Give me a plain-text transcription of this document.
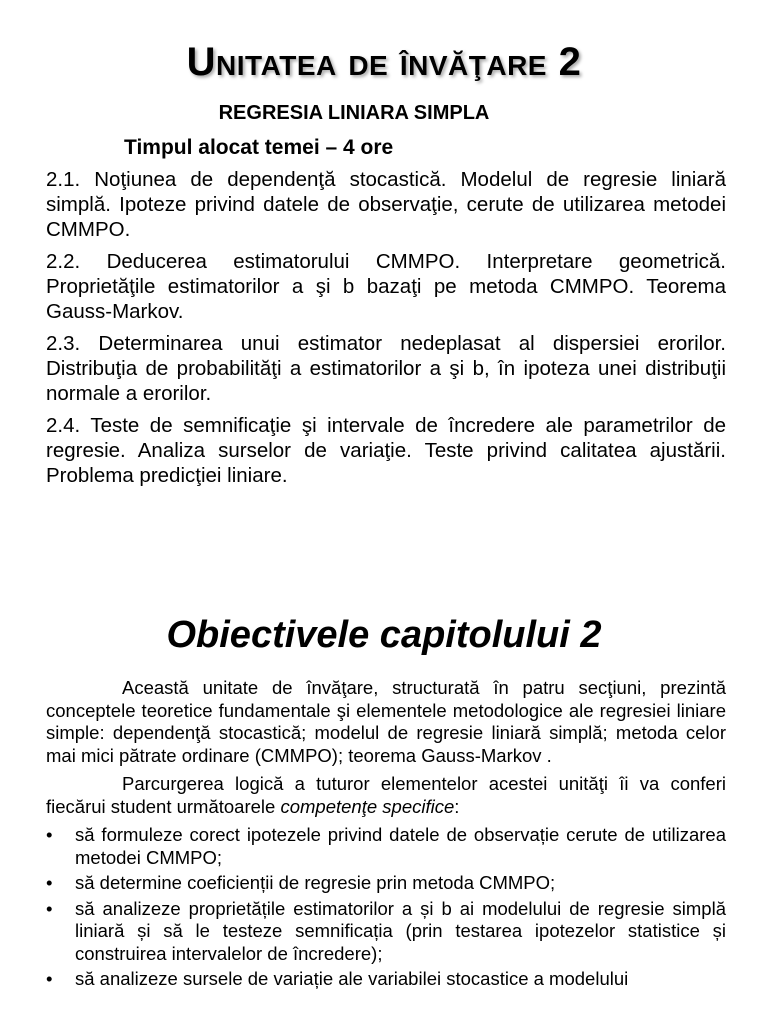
Unitatea de învăţare 2
REGRESIA LINIARA SIMPLA
Timpul alocat temei – 4 ore

2.1. Noţiunea de dependenţă stocastică. Modelul de regresie liniară simplă. Ipoteze privind datele de observaţie, cerute de utilizarea metodei CMMPO.

2.2. Deducerea estimatorului CMMPO. Interpretare geometrică. Proprietăţile estimatorilor a şi b bazaţi pe metoda CMMPO. Teorema Gauss-Markov.

2.3. Determinarea unui estimator nedeplasat al dispersiei erorilor. Distribuţia de probabilităţi a estimatorilor a şi b, în ipoteza unei distribuţii normale a erorilor.

2.4. Teste de semnificaţie şi intervale de încredere ale parametrilor de regresie. Analiza surselor de variaţie. Teste privind calitatea ajustării. Problema predicţiei liniare.

Obiectivele capitolului 2

Această unitate de învăţare, structurată în patru secţiuni, prezintă conceptele teoretice fundamentale şi elementele metodologice ale regresiei liniare simple: dependenţă stocastică; modelul de regresie liniară simplă; metoda celor mai mici pătrate ordinare (CMMPO); teorema Gauss-Markov .

Parcurgerea logică a tuturor elementelor acestei unităţi îi va conferi fiecărui student următoarele competenţe specifice:

• să formuleze corect ipotezele privind datele de observație cerute de utilizarea metodei CMMPO;
• să determine coeficienții de regresie prin metoda CMMPO;
• să analizeze proprietățile estimatorilor a și b ai modelului de regresie simplă liniară și să le testeze semnificația (prin testarea ipotezelor statistice și construirea intervalelor de încredere);
• să analizeze sursele de variație ale variabilei stocastice a modelului
